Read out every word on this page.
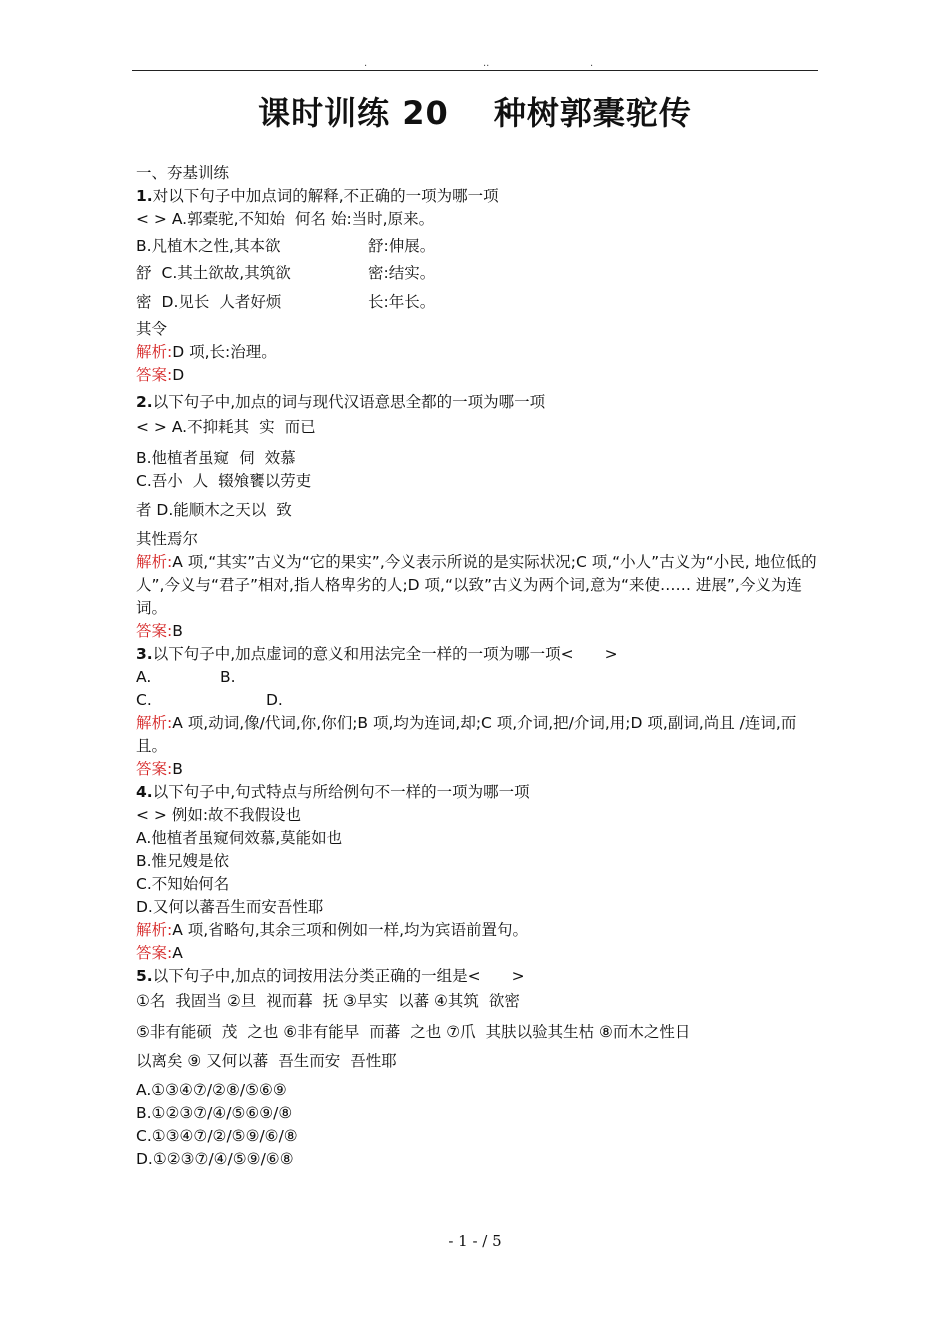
.	..	.
课时训练 20　 种树郭橐驼传
一、夯基训练
1.对以下句子中加点词的解释,不正确的一项为哪一项
< > A.郭橐驼,不知始 何名 始:当时,原来。
B.凡植木之性,其本欲	舒:伸展。
舒 C.其土欲故,其筑欲	密:结实。
密 D.见长 人者好烦	长:年长。
其令
解析:D 项,长:治理。
答案:D
2.以下句子中,加点的词与现代汉语意思全都的一项为哪一项
< > A.不抑耗其 实 而已
B.他植者虽窥 伺 效慕
C.吾小 人 辍飧饔以劳吏
者 D.能顺木之天以 致
其性焉尔
解析:A 项,“其实”古义为“它的果实”,今义表示所说的是实际状况;C 项,“小人”古义为“小民, 地位低的人”,今义与“君子”相对,指人格卑劣的人;D 项,“以致”古义为两个词,意为“来使…… 进展”,今义为连词。
答案:B
3.以下句子中,加点虚词的意义和用法完全一样的一项为哪一项<　　>
A.	B.
C.	D.
解析:A 项,动词,像/代词,你,你们;B 项,均为连词,却;C 项,介词,把/介词,用;D 项,副词,尚且 /连词,而且。
答案:B
4.以下句子中,句式特点与所给例句不一样的一项为哪一项
< > 例如:故不我假设也
A.他植者虽窥伺效慕,莫能如也
B.惟兄嫂是依
C.不知始何名
D.又何以蕃吾生而安吾性耶
解析:A 项,省略句,其余三项和例如一样,均为宾语前置句。
答案:A
5.以下句子中,加点的词按用法分类正确的一组是<　　>
①名 我固当 ②旦 视而暮 抚 ③早实 以蕃 ④其筑 欲密
⑤非有能硕 茂 之也 ⑥非有能早 而蕃 之也 ⑦爪 其肤以验其生枯 ⑧而木之性日
以离矣 ⑨ 又何以蕃 吾生而安 吾性耶
A.①③④⑦/②⑧/⑤⑥⑨
B.①②③⑦/④/⑤⑥⑨/⑧
C.①③④⑦/②/⑤⑨/⑥/⑧
D.①②③⑦/④/⑤⑨/⑥⑧
- 1 - / 5
